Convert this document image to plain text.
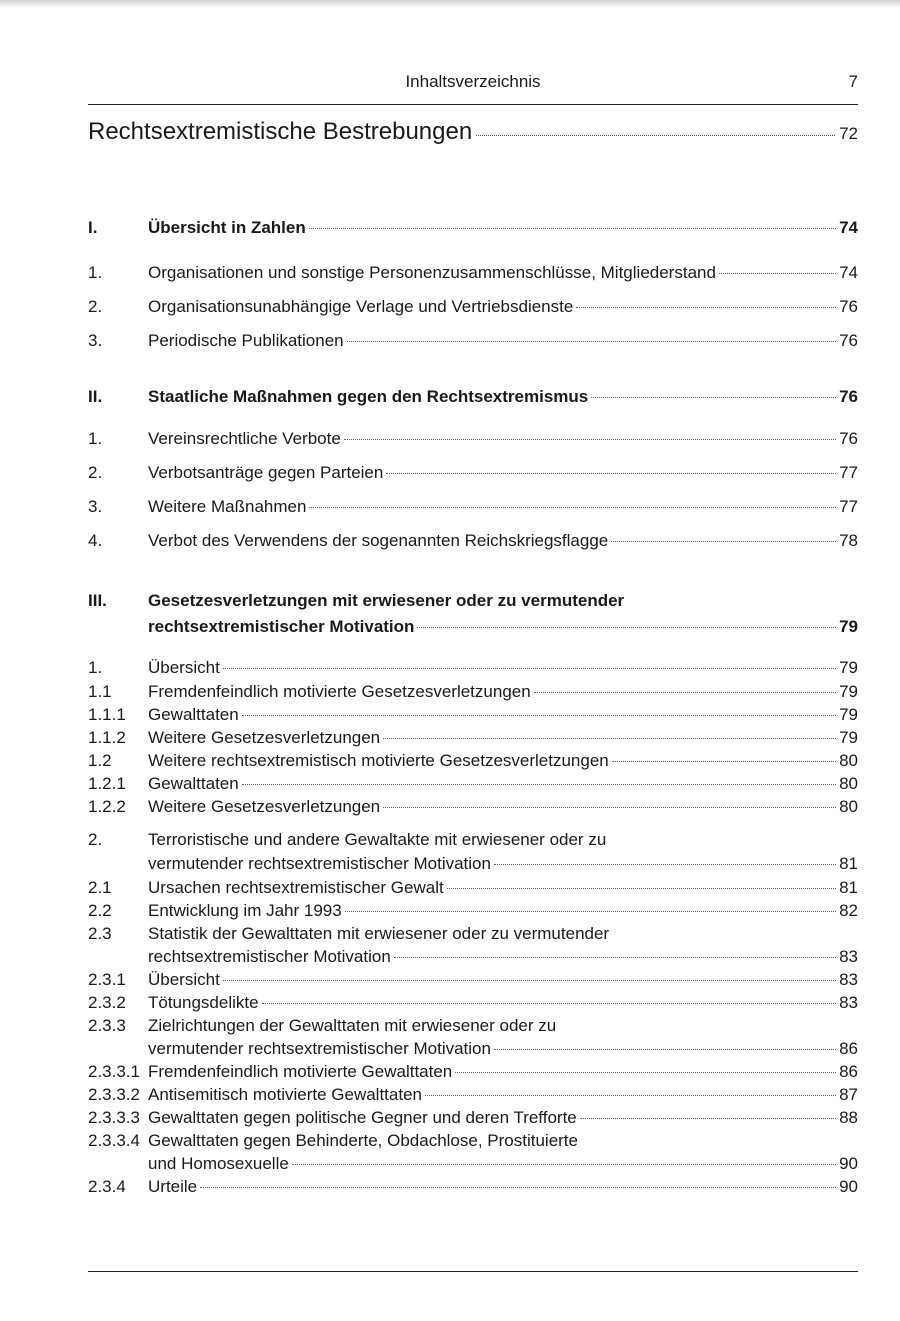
Inhaltsverzeichnis	7
Rechtsextremistische Bestrebungen	72
I.	Übersicht in Zahlen	74
1.	Organisationen und sonstige Personenzusammenschlüsse, Mitgliederstand	74
2.	Organisationsunabhängige Verlage und Vertriebsdienste	76
3.	Periodische Publikationen	76
II.	Staatliche Maßnahmen gegen den Rechtsextremismus	76
1.	Vereinsrechtliche Verbote	76
2.	Verbotsanträge gegen Parteien	77
3.	Weitere Maßnahmen	77
4.	Verbot des Verwendens der sogenannten Reichskriegsflagge	78
III.	Gesetzesverletzungen mit erwiesener oder zu vermutender
rechtsextremistischer Motivation	79
1.	Übersicht	79
1.1	Fremdenfeindlich motivierte Gesetzesverletzungen	79
1.1.1	Gewalttaten	79
1.1.2	Weitere Gesetzesverletzungen	79
1.2	Weitere rechtsextremistisch motivierte Gesetzesverletzungen	80
1.2.1	Gewalttaten	80
1.2.2	Weitere Gesetzesverletzungen	80
2.	Terroristische und andere Gewaltakte mit erwiesener oder zu
vermutender rechtsextremistischer Motivation	81
2.1	Ursachen rechtsextremistischer Gewalt	81
2.2	Entwicklung im Jahr 1993	82
2.3	Statistik der Gewalttaten mit erwiesener oder zu vermutender
rechtsextremistischer Motivation	83
2.3.1	Übersicht	83
2.3.2	Tötungsdelikte	83
2.3.3	Zielrichtungen der Gewalttaten mit erwiesener oder zu
vermutender rechtsextremistischer Motivation	86
2.3.3.1 Fremdenfeindlich motivierte Gewalttaten	86
2.3.3.2 Antisemitisch motivierte Gewalttaten	87
2.3.3.3 Gewalttaten gegen politische Gegner und deren Trefforte	88
2.3.3.4 Gewalttaten gegen Behinderte, Obdachlose, Prostituierte
und Homosexuelle	90
2.3.4	Urteile	90
